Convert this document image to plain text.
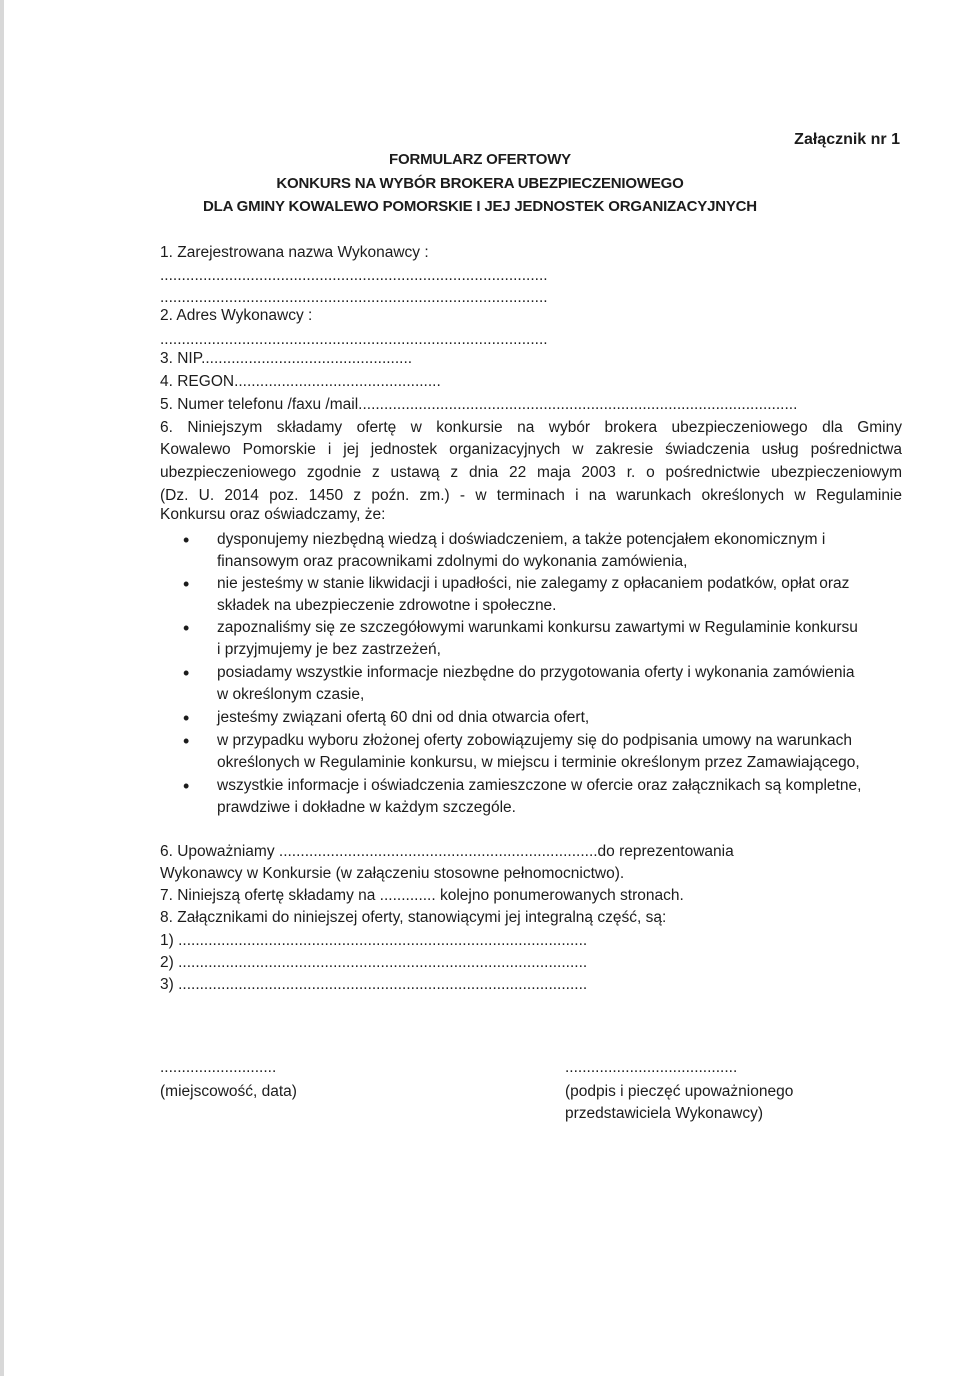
Załącznik nr 1
FORMULARZ OFERTOWY
KONKURS NA WYBÓR BROKERA UBEZPIECZENIOWEGO
DLA GMINY KOWALEWO POMORSKIE I JEJ JEDNOSTEK ORGANIZACYJNYCH
1. Zarejestrowana nazwa Wykonawcy :
..........................................................................................
..........................................................................................
2. Adres Wykonawcy :
..........................................................................................
3. NIP.................................................
4. REGON................................................
5. Numer telefonu /faxu /mail......................................................................................................
6. Niniejszym składamy ofertę w konkursie na wybór brokera ubezpieczeniowego dla Gminy
Kowalewo Pomorskie i jej jednostek organizacyjnych w zakresie świadczenia usług pośrednictwa
ubezpieczeniowego zgodnie z ustawą z dnia 22 maja 2003 r. o pośrednictwie ubezpieczeniowym
(Dz. U. 2014 poz. 1450 z poźn. zm.) - w terminach i na warunkach określonych w Regulaminie
Konkursu oraz oświadczamy, że:
• dysponujemy niezbędną wiedzą i doświadczeniem, a także potencjałem ekonomicznym i
finansowym oraz pracownikami zdolnymi do wykonania zamówienia,
• nie jesteśmy w stanie likwidacji i upadłości, nie zalegamy z opłacaniem podatków, opłat oraz
składek na ubezpieczenie zdrowotne i społeczne.
• zapoznaliśmy się ze szczegółowymi warunkami konkursu zawartymi w Regulaminie konkursu
i przyjmujemy je bez zastrzeżeń,
• posiadamy wszystkie informacje niezbędne do przygotowania oferty i wykonania zamówienia
w określonym czasie,
• jesteśmy związani ofertą 60 dni od dnia otwarcia ofert,
• w przypadku wyboru złożonej oferty zobowiązujemy się do podpisania umowy na warunkach
określonych w Regulaminie konkursu, w miejscu i terminie określonym przez Zamawiającego,
• wszystkie informacje i oświadczenia zamieszczone w ofercie oraz załącznikach są kompletne,
prawdziwe i dokładne w każdym szczególe.
6. Upoważniamy ..........................................................................do reprezentowania
Wykonawcy w Konkursie (w załączeniu stosowne pełnomocnictwo).
7. Niniejszą ofertę składamy na ............. kolejno ponumerowanych stronach.
8. Załącznikami do niniejszej oferty, stanowiącymi jej integralną część, są:
1) ...............................................................................................
2) ...............................................................................................
3) ...............................................................................................
...........................
(miejscowość, data)
........................................
(podpis i pieczęć upoważnionego
przedstawiciela Wykonawcy)
